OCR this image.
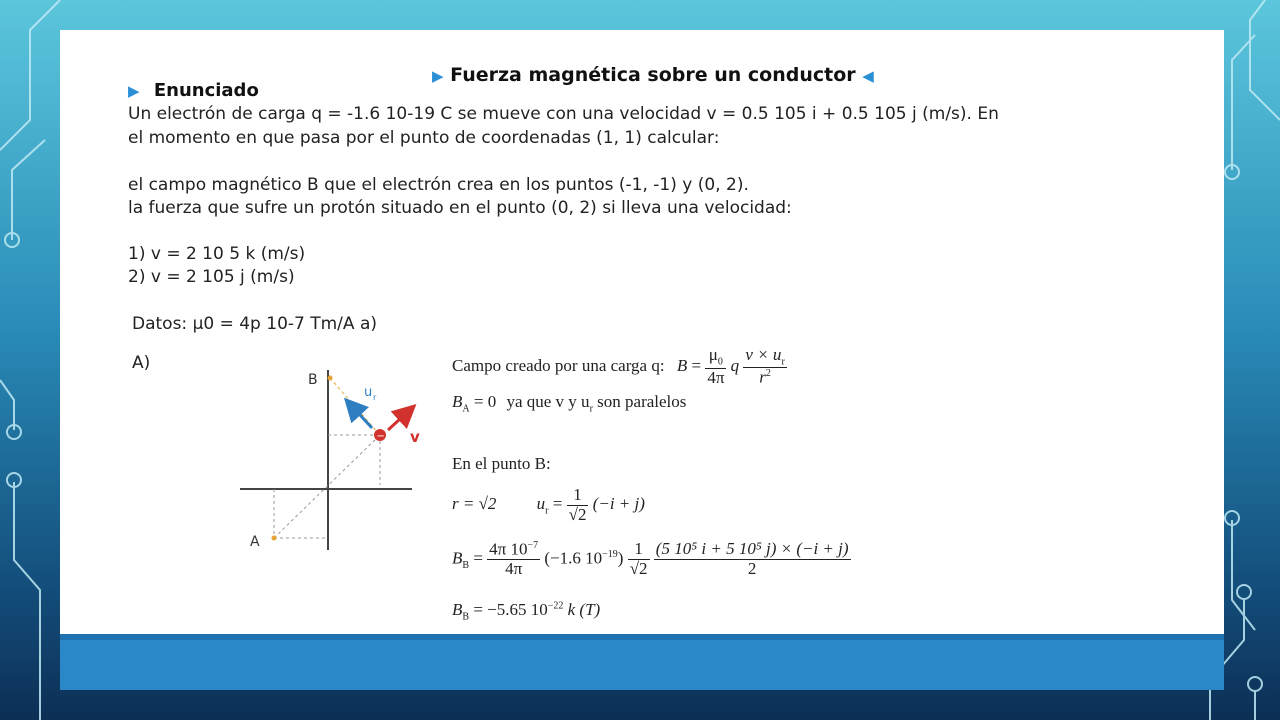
▶ Fuerza magnética sobre un conductor ◀
▶ Enunciado
Un electrón de carga q = -1.6 10-19 C se mueve con una velocidad v = 0.5 105 i + 0.5 105 j (m/s). En
el momento en que pasa por el punto de coordenadas (1, 1) calcular:
el campo magnético B que el electrón crea en los puntos (-1, -1) y (0, 2).
la fuerza que sufre un protón situado en el punto (0, 2) si lleva una velocidad:
1) v = 2 10 5 k (m/s)
2) v = 2 105 j (m/s)
Datos: μ0 = 4p 10-7 Tm/A a)
A)
B
A
−
u r
v
Campo creado por una carga q: $B = \frac{\mu_0}{4\pi}$ q $\frac{v \times u_r}{r^2}$
$B_A = 0$ ya que v y $u_r$ son paralelos
En el punto B:
r = √2 $u_r = \frac{1}{√2} (-i + j)$
$B_B = \frac{4\pi 10^{-7}}{4\pi} (-1.6$ $10^{-19}) \frac{1}{√2}$
$\frac{\text{(5 10⁵ i + 5 10⁵ j) × (−i + j)}}{2}$
$B_B = -5.65$ $10^{-22}$ k (T)
